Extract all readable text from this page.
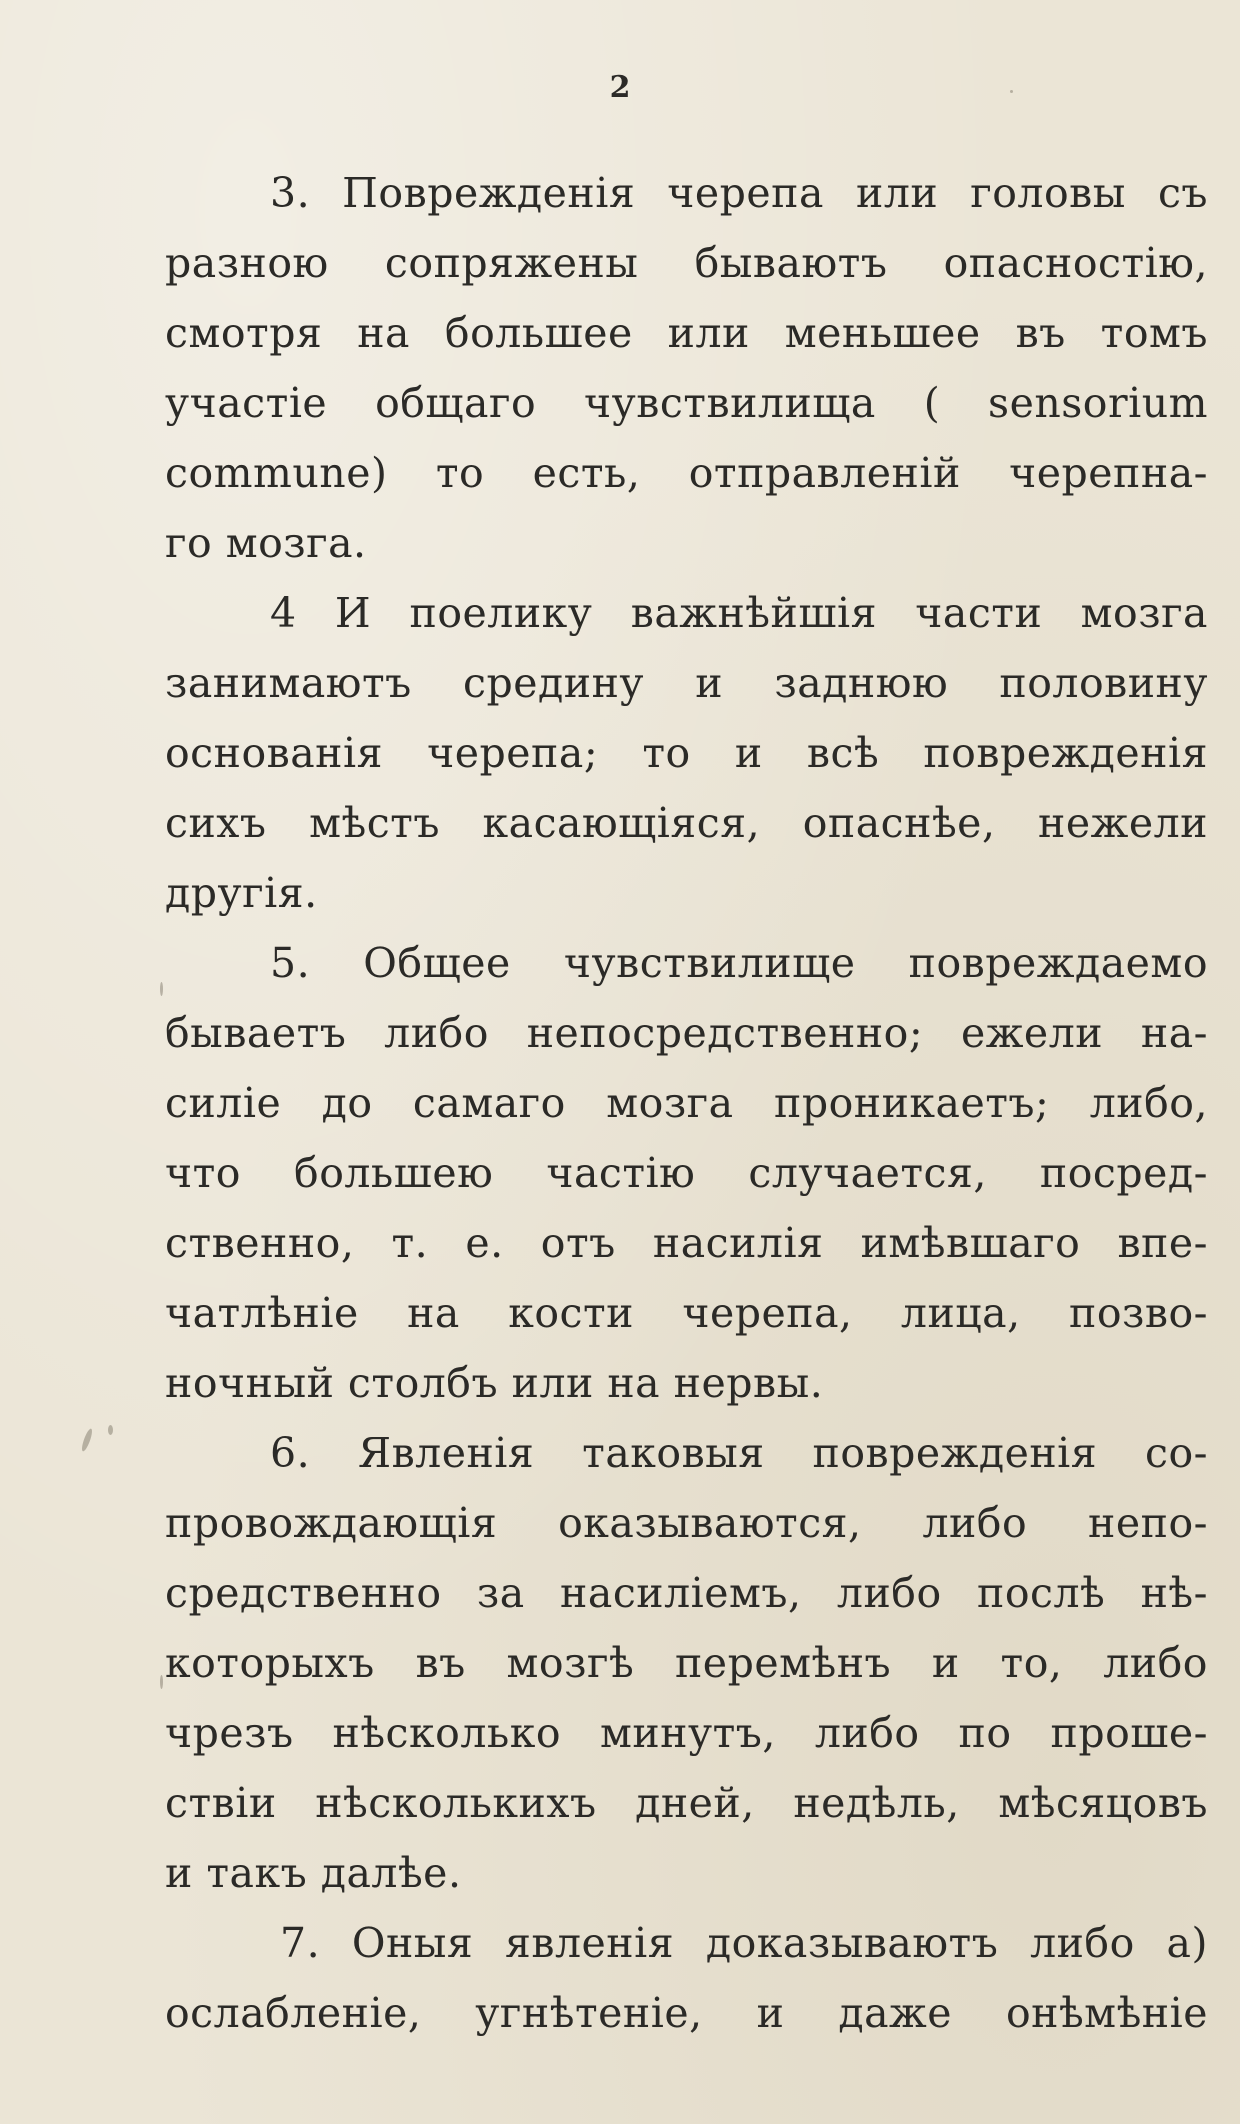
2

3. Поврежденія черепа или головы съ
разною сопряжены бываютъ опасностію,
смотря на большее или меньшее въ томъ
участіе общаго чувствилища ( sensorium
commune) то есть, отправленій черепна-
го мозга.

4 И поелику важнѣйшія части мозга
занимаютъ средину и заднюю половину
основанія черепа; то и всѣ поврежденія
сихъ мѣстъ касающіяся, опаснѣе, нежели
другія.

5. Общее чувствилище повреждаемо
бываетъ либо непосредственно; ежели на-
силіе до самаго мозга проникаетъ; либо,
что большею частію случается, посред-
ственно, т. е. отъ насилія имѣвшаго впе-
чатлѣніе на кости черепа, лица, позво-
ночный столбъ или на нервы.

6. Явленія таковыя поврежденія со-
провождающія оказываются, либо непо-
средственно за насиліемъ, либо послѣ нѣ-
которыхъ въ мозгѣ перемѣнъ и то, либо
чрезъ нѣсколько минутъ, либо по проше-
ствіи нѣсколькихъ дней, недѣль, мѣсяцовъ
и такъ далѣе.

7. Оныя явленія доказываютъ либо а)
ослабленіе, угнѣтеніе, и даже онѣмѣніе
